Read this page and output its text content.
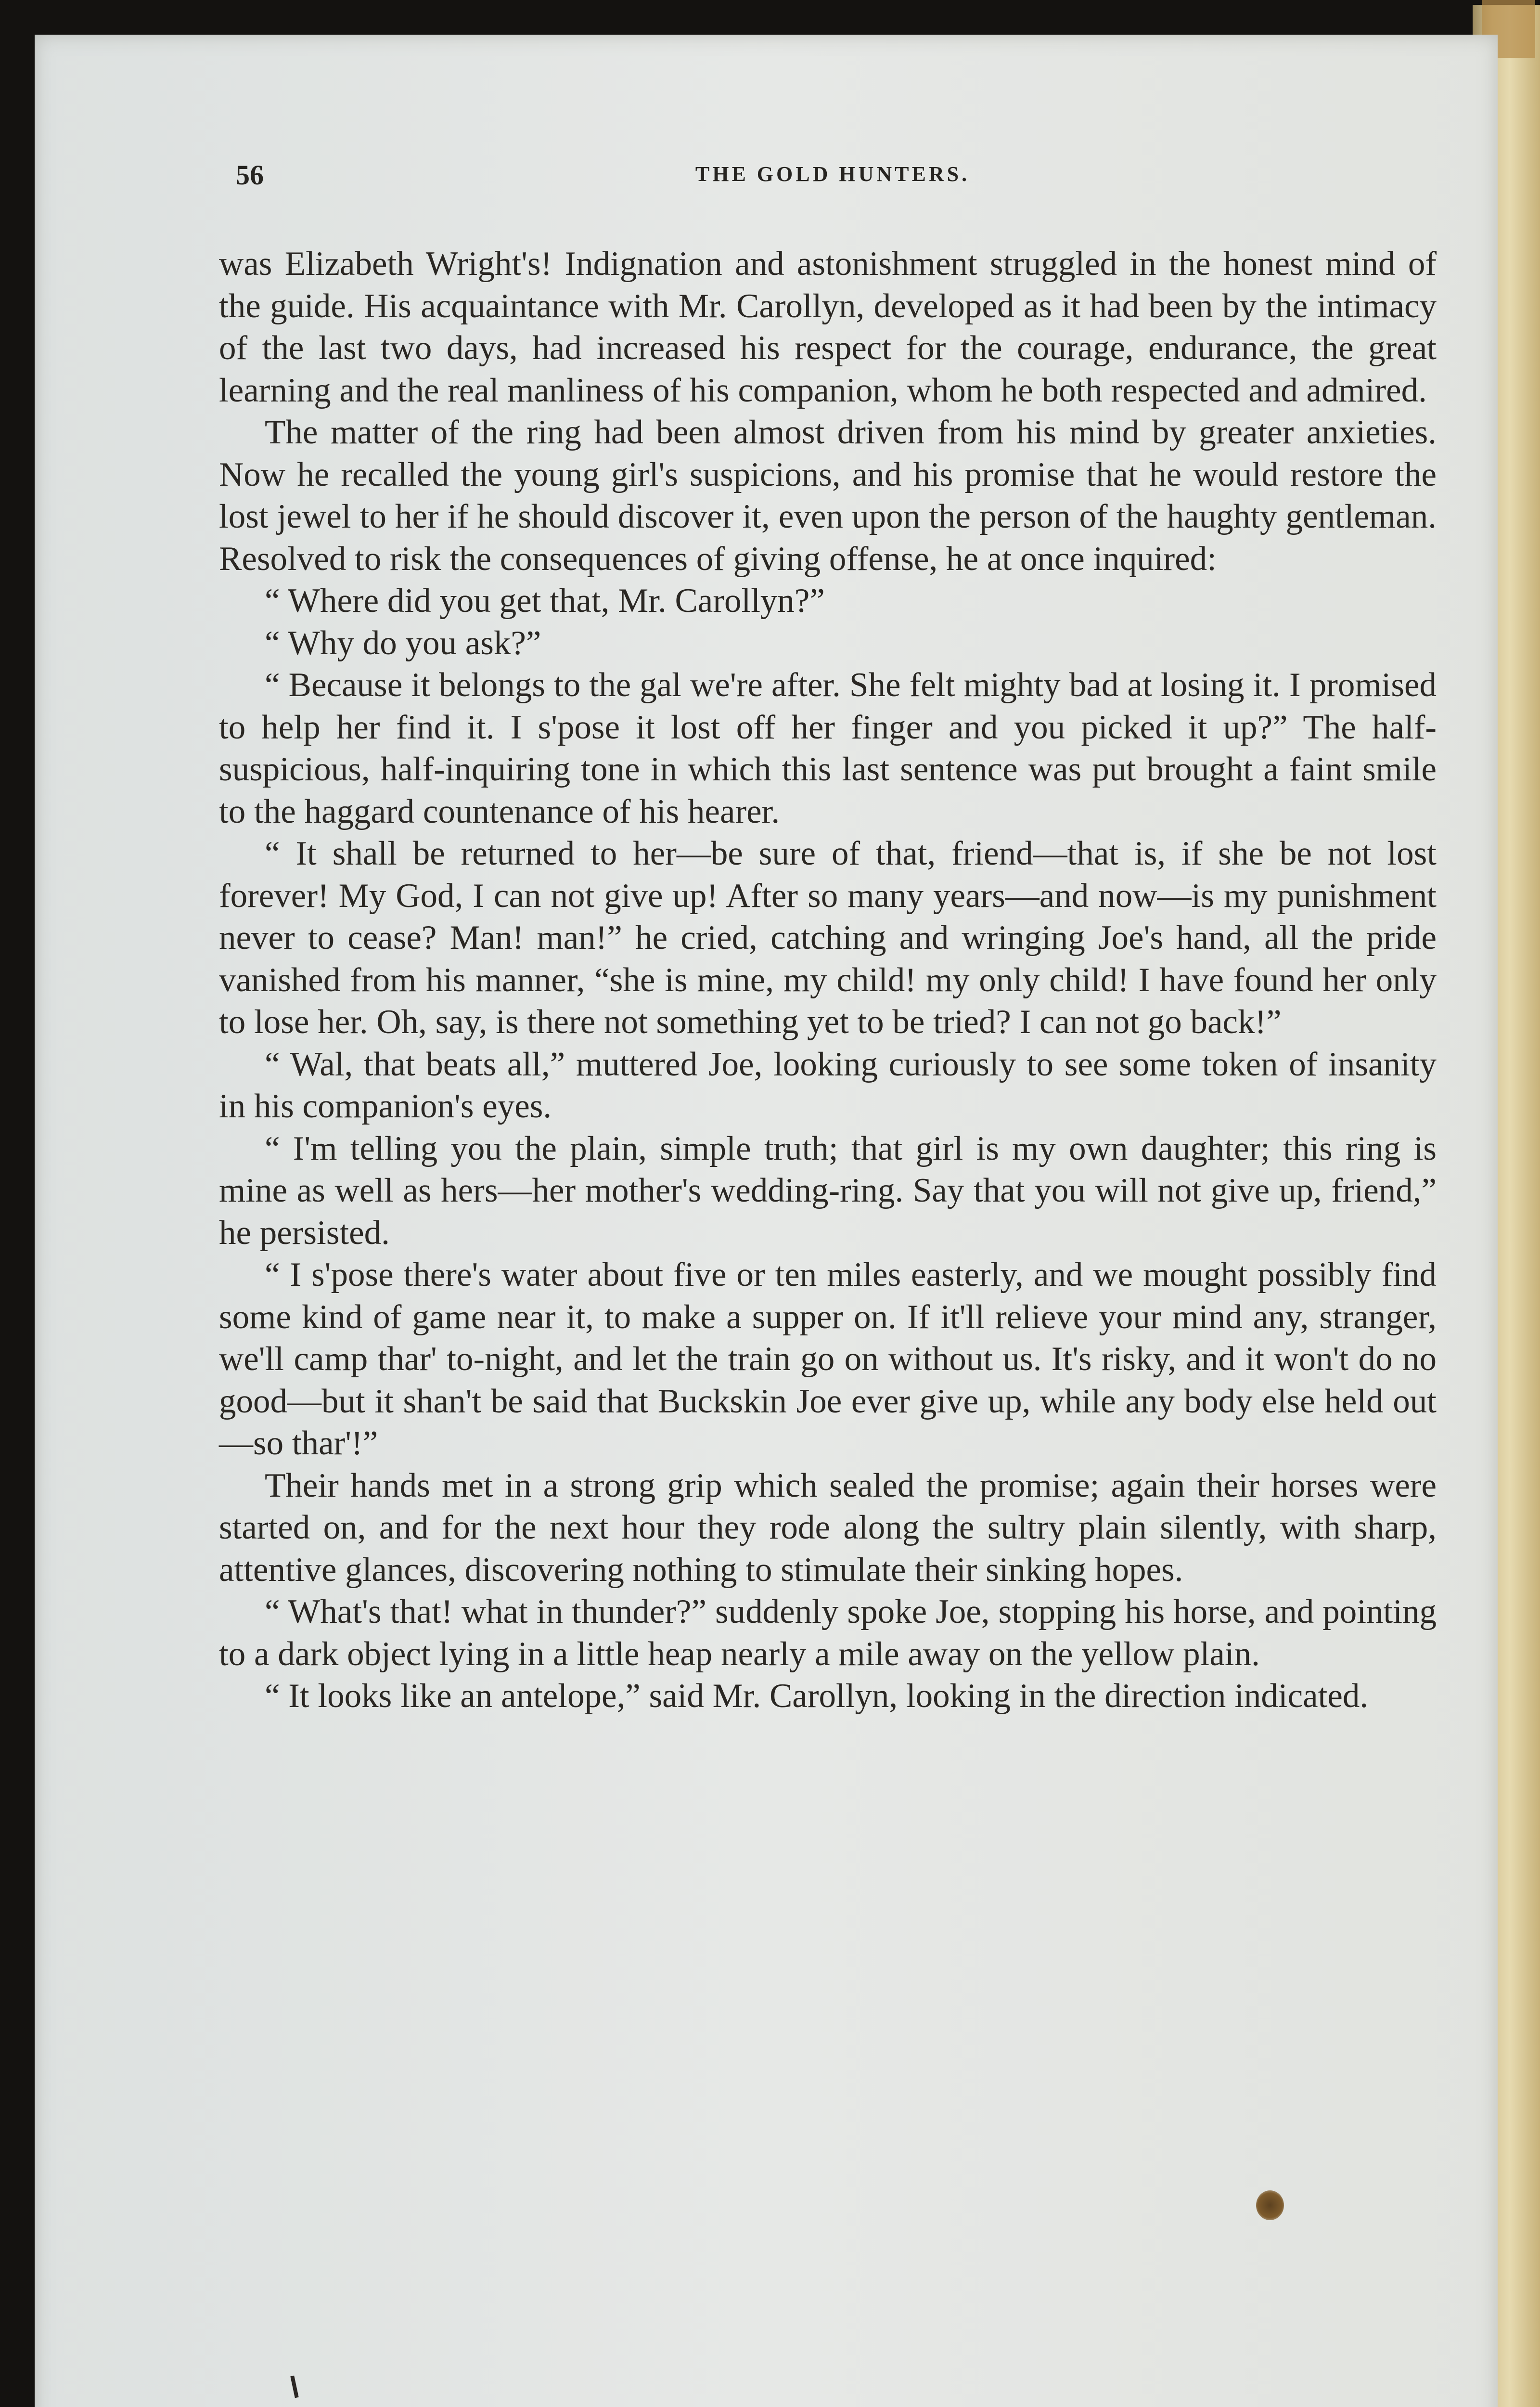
56	THE GOLD HUNTERS.

was Elizabeth Wright's! Indignation and astonishment struggled in the honest mind of the guide. His acquaintance with Mr. Carollyn, developed as it had been by the intimacy of the last two days, had increased his respect for the courage, endurance, the great learning and the real manliness of his companion, whom he both respected and admired.

The matter of the ring had been almost driven from his mind by greater anxieties. Now he recalled the young girl's suspicions, and his promise that he would restore the lost jewel to her if he should discover it, even upon the person of the haughty gentleman. Resolved to risk the consequences of giving offense, he at once inquired:

“ Where did you get that, Mr. Carollyn?”

“ Why do you ask?”

“ Because it belongs to the gal we're after. She felt mighty bad at losing it. I promised to help her find it. I s'pose it lost off her finger and you picked it up?” The half-suspicious, half-inquiring tone in which this last sentence was put brought a faint smile to the haggard countenance of his hearer.

“ It shall be returned to her—be sure of that, friend—that is, if she be not lost forever! My God, I can not give up! After so many years—and now—is my punishment never to cease? Man! man!” he cried, catching and wringing Joe's hand, all the pride vanished from his manner, “she is mine, my child! my only child! I have found her only to lose her. Oh, say, is there not something yet to be tried? I can not go back!”

“ Wal, that beats all,” muttered Joe, looking curiously to see some token of insanity in his companion's eyes.

“ I'm telling you the plain, simple truth; that girl is my own daughter; this ring is mine as well as hers—her mother's wedding-ring. Say that you will not give up, friend,” he persisted.

“ I s'pose there's water about five or ten miles easterly, and we mought possibly find some kind of game near it, to make a supper on. If it'll relieve your mind any, stranger, we'll camp thar' to-night, and let the train go on without us. It's risky, and it won't do no good—but it shan't be said that Buckskin Joe ever give up, while any body else held out—so thar'!”

Their hands met in a strong grip which sealed the promise; again their horses were started on, and for the next hour they rode along the sultry plain silently, with sharp, attentive glances, discovering nothing to stimulate their sinking hopes.

“ What's that! what in thunder?” suddenly spoke Joe, stopping his horse, and pointing to a dark object lying in a little heap nearly a mile away on the yellow plain.

“ It looks like an antelope,” said Mr. Carollyn, looking in the direction indicated.
